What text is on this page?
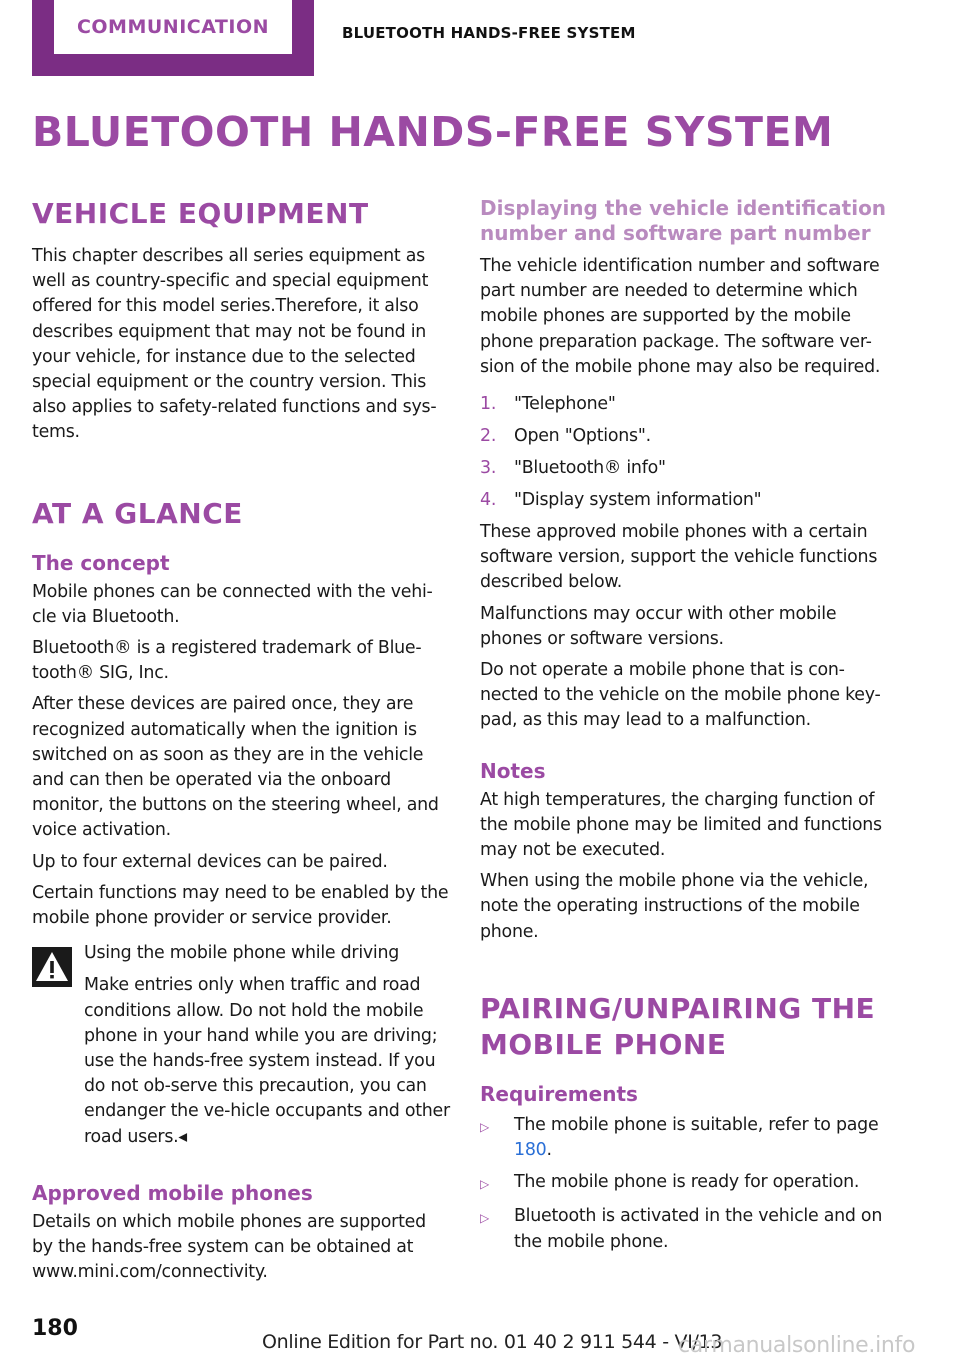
COMMUNICATION	BLUETOOTH HANDS-FREE SYSTEM
BLUETOOTH HANDS-FREE SYSTEM
VEHICLE EQUIPMENT

This chapter describes all series equipment as well as country-specific and special equipment offered for this model series.Therefore, it also describes equipment that may not be found in your vehicle, for instance due to the selected special equipment or the country version. This also applies to safety-related functions and sys-tems.

AT A GLANCE
The concept

Mobile phones can be connected with the vehi-cle via Bluetooth.

Bluetooth® is a registered trademark of Blue-tooth® SIG, Inc.

After these devices are paired once, they are recognized automatically when the ignition is switched on as soon as they are in the vehicle and can then be operated via the onboard monitor, the buttons on the steering wheel, and voice activation.

Up to four external devices can be paired.

Certain functions may need to be enabled by the mobile phone provider or service provider.

Using the mobile phone while driving

Make entries only when traffic and road conditions allow. Do not hold the mobile phone in your hand while you are driving; use the hands-free system instead. If you do not ob-serve this precaution, you can endanger the ve-hicle occupants and other road users.◂

Approved mobile phones

Details on which mobile phones are supported by the hands-free system can be obtained at www.mini.com/connectivity.

Displaying the vehicle identification number and software part number

The vehicle identification number and software part number are needed to determine which mobile phones are supported by the mobile phone preparation package. The software ver-sion of the mobile phone may also be required.

1.	"Telephone"
2.	Open "Options".
3.	"Bluetooth® info"
4.	"Display system information"

These approved mobile phones with a certain software version, support the vehicle functions described below.

Malfunctions may occur with other mobile phones or software versions.

Do not operate a mobile phone that is con-nected to the vehicle on the mobile phone key-pad, as this may lead to a malfunction.

Notes

At high temperatures, the charging function of the mobile phone may be limited and functions may not be executed.

When using the mobile phone via the vehicle, note the operating instructions of the mobile phone.

PAIRING/UNPAIRING THE MOBILE PHONE
Requirements
▷	The mobile phone is suitable, refer to page 180.
▷	The mobile phone is ready for operation.
▷	Bluetooth is activated in the vehicle and on the mobile phone.
180
Online Edition for Part no. 01 40 2 911 544 - VI/13
carmanualsonline.info
